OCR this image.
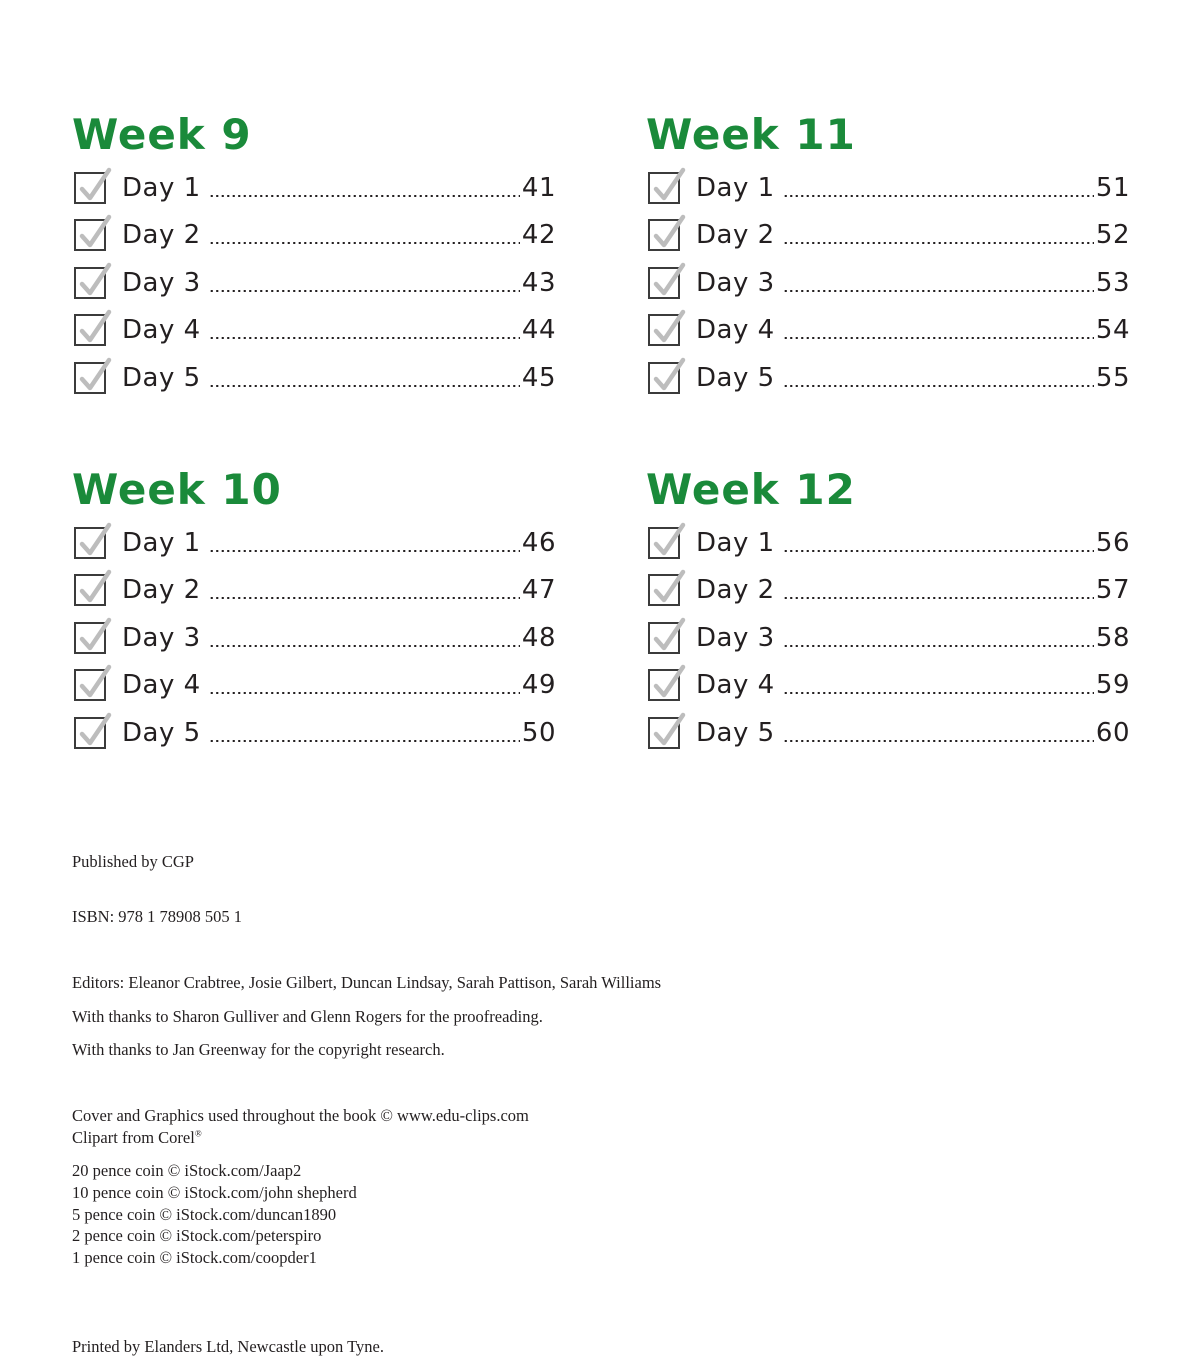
Week 9
Day 1	41
Day 2	42
Day 3	43
Day 4	44
Day 5	45
Week 10
Day 1	46
Day 2	47
Day 3	48
Day 4	49
Day 5	50
Week 11
Day 1	51
Day 2	52
Day 3	53
Day 4	54
Day 5	55
Week 12
Day 1	56
Day 2	57
Day 3	58
Day 4	59
Day 5	60

Published by CGP

ISBN: 978 1 78908 505 1

Editors: Eleanor Crabtree, Josie Gilbert, Duncan Lindsay, Sarah Pattison, Sarah Williams

With thanks to Sharon Gulliver and Glenn Rogers for the proofreading.

With thanks to Jan Greenway for the copyright research.

Cover and Graphics used throughout the book © www.edu-clips.com

Clipart from Corel®

20 pence coin © iStock.com/Jaap2

10 pence coin © iStock.com/john shepherd

5 pence coin © iStock.com/duncan1890

2 pence coin © iStock.com/peterspiro

1 pence coin © iStock.com/coopder1

Printed by Elanders Ltd, Newcastle upon Tyne.
